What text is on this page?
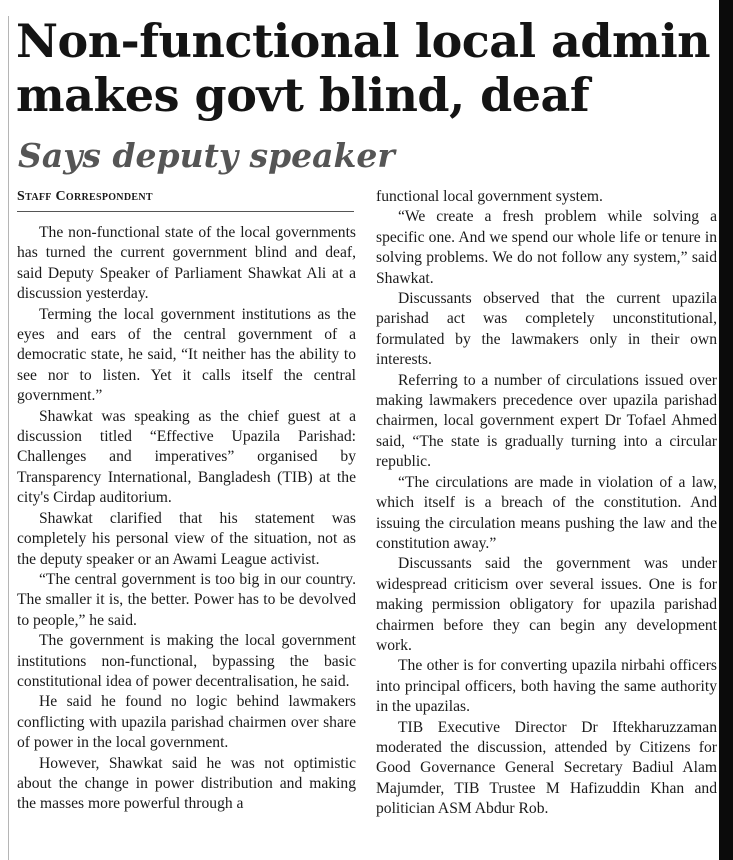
Non-functional local admin makes govt blind, deaf
Says deputy speaker
Staff Correspondent

The non-functional state of the local governments has turned the current government blind and deaf, said Deputy Speaker of Parliament Shawkat Ali at a discussion yesterday.

Terming the local government institutions as the eyes and ears of the central government of a democratic state, he said, “It neither has the ability to see nor to listen. Yet it calls itself the central government.”

Shawkat was speaking as the chief guest at a discussion titled “Effective Upazila Parishad: Challenges and imperatives” organised by Transparency International, Bangladesh (TIB) at the city's Cirdap auditorium.

Shawkat clarified that his statement was completely his personal view of the situation, not as the deputy speaker or an Awami League activist.

“The central government is too big in our country. The smaller it is, the better. Power has to be devolved to people,” he said.

The government is making the local government institutions non-functional, bypassing the basic constitutional idea of power decentralisation, he said.

He said he found no logic behind lawmakers conflicting with upazila parishad chairmen over share of power in the local government.

However, Shawkat said he was not optimistic about the change in power distribution and making the masses more powerful through a

functional local government system.

“We create a fresh problem while solving a specific one. And we spend our whole life or tenure in solving problems. We do not follow any system,” said Shawkat.

Discussants observed that the current upazila parishad act was completely unconstitutional, formulated by the lawmakers only in their own interests.

Referring to a number of circulations issued over making lawmakers precedence over upazila parishad chairmen, local government expert Dr Tofael Ahmed said, “The state is gradually turning into a circular republic.

“The circulations are made in violation of a law, which itself is a breach of the constitution. And issuing the circulation means pushing the law and the constitution away.”

Discussants said the government was under widespread criticism over several issues. One is for making permission obligatory for upazila parishad chairmen before they can begin any development work.

The other is for converting upazila nirbahi officers into principal officers, both having the same authority in the upazilas.

TIB Executive Director Dr Iftekharuzzaman moderated the discussion, attended by Citizens for Good Governance General Secretary Badiul Alam Majumder, TIB Trustee M Hafizuddin Khan and politician ASM Abdur Rob.
